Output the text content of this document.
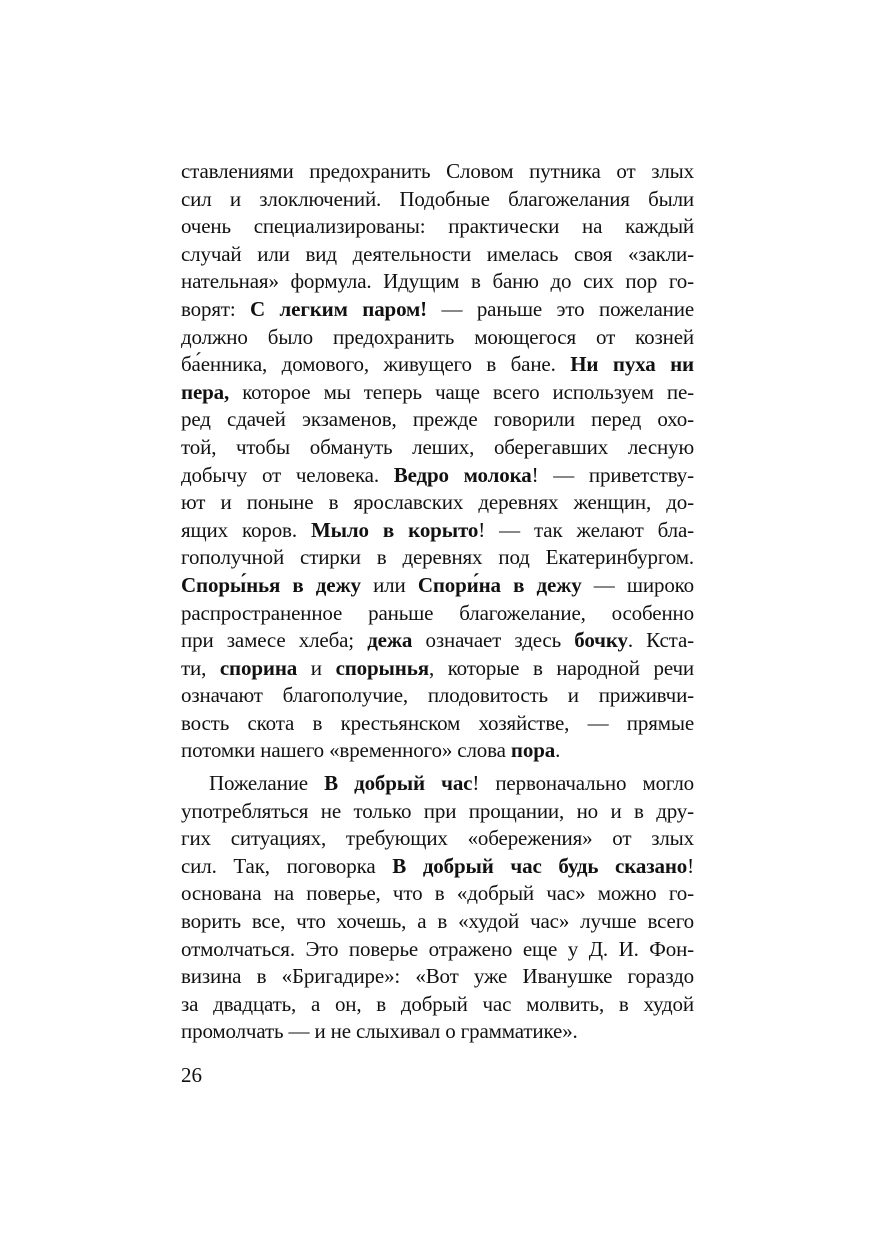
ставлениями предохранить Словом путника от злых
сил и злоключений. Подобные благожелания были
очень специализированы: практически на каждый
случай или вид деятельности имелась своя «закли-
нательная» формула. Идущим в баню до сих пор го-
ворят: С легким паром! — раньше это пожелание
должно было предохранить моющегося от козней
ба́енника, домового, живущего в бане. Ни пуха ни
пера, которое мы теперь чаще всего используем пе-
ред сдачей экзаменов, прежде говорили перед охо-
той, чтобы обмануть леших, оберегавших лесную
добычу от человека. Ведро молока! — приветству-
ют и поныне в ярославских деревнях женщин, до-
ящих коров. Мыло в корыто! — так желают бла-
гополучной стирки в деревнях под Екатеринбургом.
Споры́нья в дежу или Спори́на в дежу — широко
распространенное раньше благожелание, особенно
при замесе хлеба; дежа означает здесь бочку. Кста-
ти, спорина и спорынья, которые в народной речи
означают благополучие, плодовитость и приживчи-
вость скота в крестьянском хозяйстве, — прямые
потомки нашего «временного» слова пора.
Пожелание В добрый час! первоначально могло
употребляться не только при прощании, но и в дру-
гих ситуациях, требующих «обережения» от злых
сил. Так, поговорка В добрый час будь сказано!
основана на поверье, что в «добрый час» можно го-
ворить все, что хочешь, а в «худой час» лучше всего
отмолчаться. Это поверье отражено еще у Д. И. Фон-
визина в «Бригадире»: «Вот уже Иванушке гораздо
за двадцать, а он, в добрый час молвить, в худой
промолчать — и не слыхивал о грамматике».
26
